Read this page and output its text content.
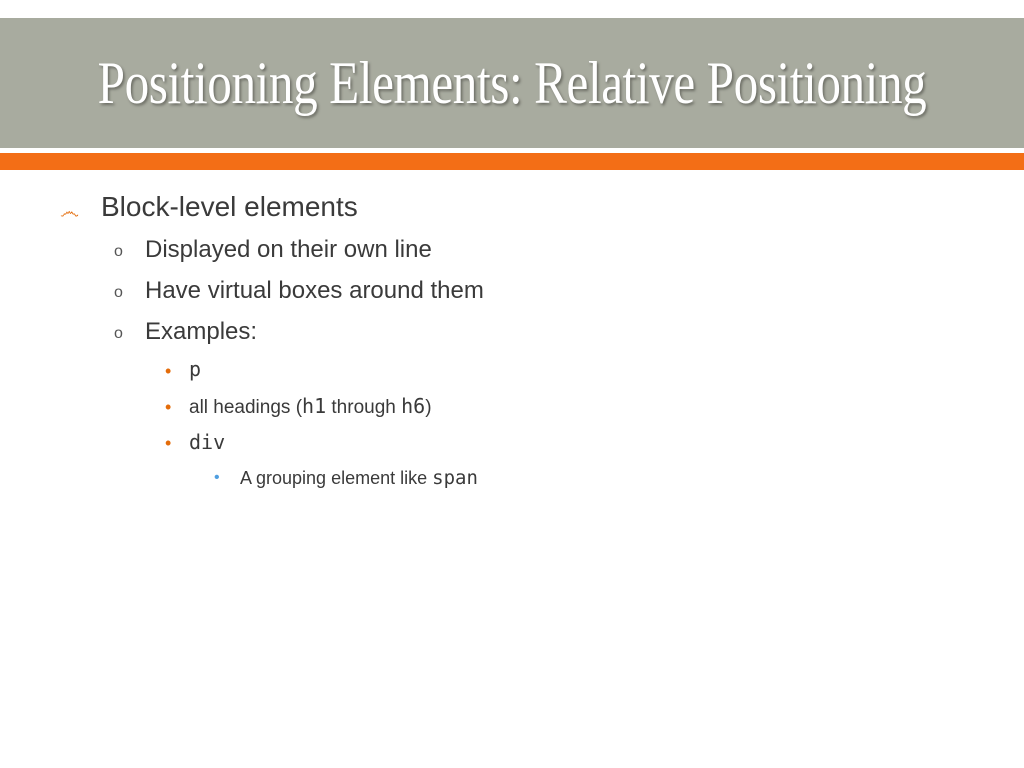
Positioning Elements: Relative Positioning
෴ Block-level elements
o Displayed on their own line
o Have virtual boxes around them
o Examples:
• p
• all headings (h1 through h6)
• div
• A grouping element like span
